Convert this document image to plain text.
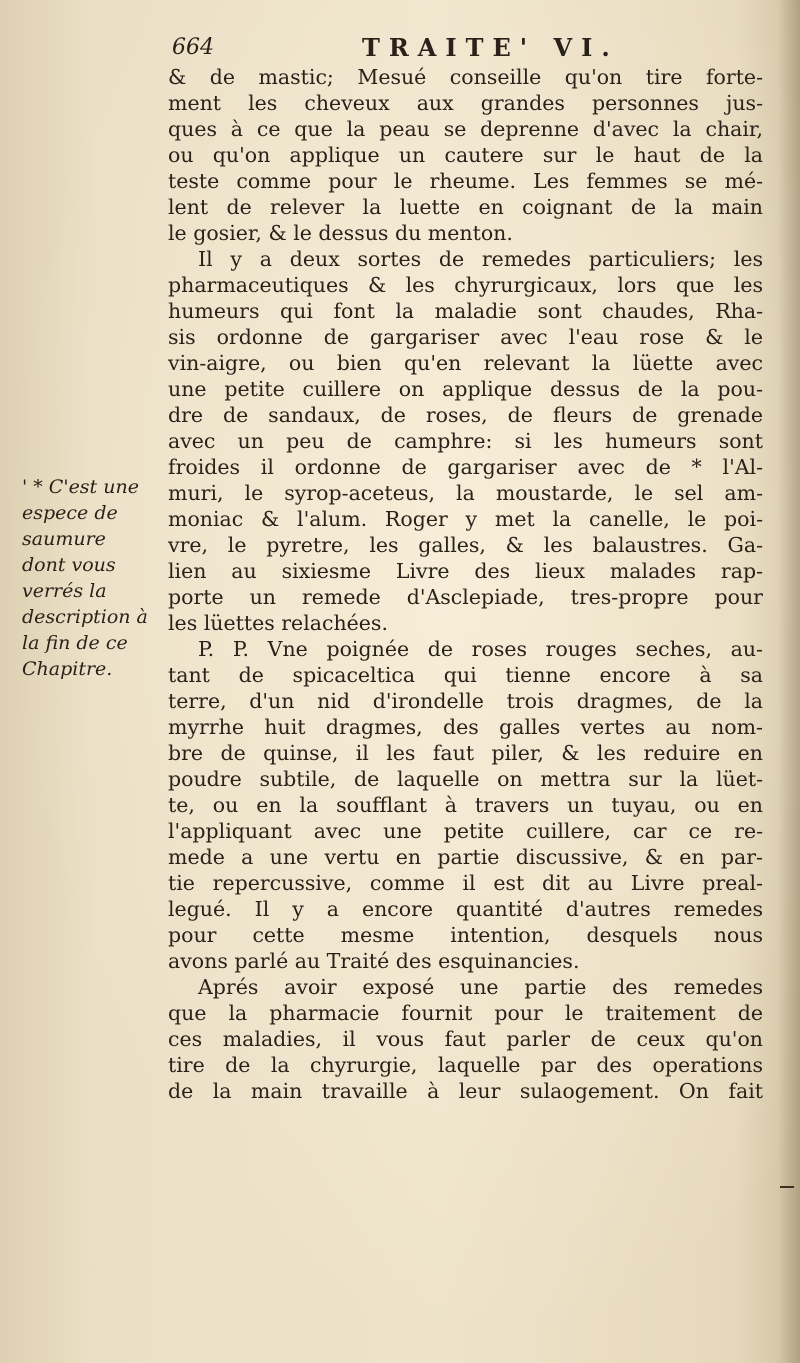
664	TRAITE' VI.
' * C'est une
espece de
saumure
dont vous
verrés la
description à
la fin de ce
Chapitre.
& de mastic; Mesué conseille qu'on tire forte-
ment les cheveux aux grandes personnes jus-
ques à ce que la peau se deprenne d'avec la chair,
ou qu'on applique un cautere sur le haut de la
teste comme pour le rheume. Les femmes se mé-
lent de relever la luette en coignant de la main
le gosier, & le dessus du menton.
Il y a deux sortes de remedes particuliers; les
pharmaceutiques & les chyrurgicaux, lors que les
humeurs qui font la maladie sont chaudes, Rha-
sis ordonne de gargariser avec l'eau rose & le
vin-aigre, ou bien qu'en relevant la lüette avec
une petite cuillere on applique dessus de la pou-
dre de sandaux, de roses, de fleurs de grenade
avec un peu de camphre: si les humeurs sont
froides il ordonne de gargariser avec de * l'Al-
muri, le syrop-aceteus, la moustarde, le sel am-
moniac & l'alum. Roger y met la canelle, le poi-
vre, le pyretre, les galles, & les balaustres. Ga-
lien au sixiesme Livre des lieux malades rap-
porte un remede d'Asclepiade, tres-propre pour
les lüettes relachées.
P. P. Vne poignée de roses rouges seches, au-
tant de spicaceltica qui tienne encore à sa
terre, d'un nid d'irondelle trois dragmes, de la
myrrhe huit dragmes, des galles vertes au nom-
bre de quinse, il les faut piler, & les reduire en
poudre subtile, de laquelle on mettra sur la lüet-
te, ou en la soufflant à travers un tuyau, ou en
l'appliquant avec une petite cuillere, car ce re-
mede a une vertu en partie discussive, & en par-
tie repercussive, comme il est dit au Livre preal-
legué. Il y a encore quantité d'autres remedes
pour cette mesme intention, desquels nous
avons parlé au Traité des esquinancies.
Aprés avoir exposé une partie des remedes
que la pharmacie fournit pour le traitement de
ces maladies, il vous faut parler de ceux qu'on
tire de la chyrurgie, laquelle par des operations
de la main travaille à leur sulaogement. On fait
